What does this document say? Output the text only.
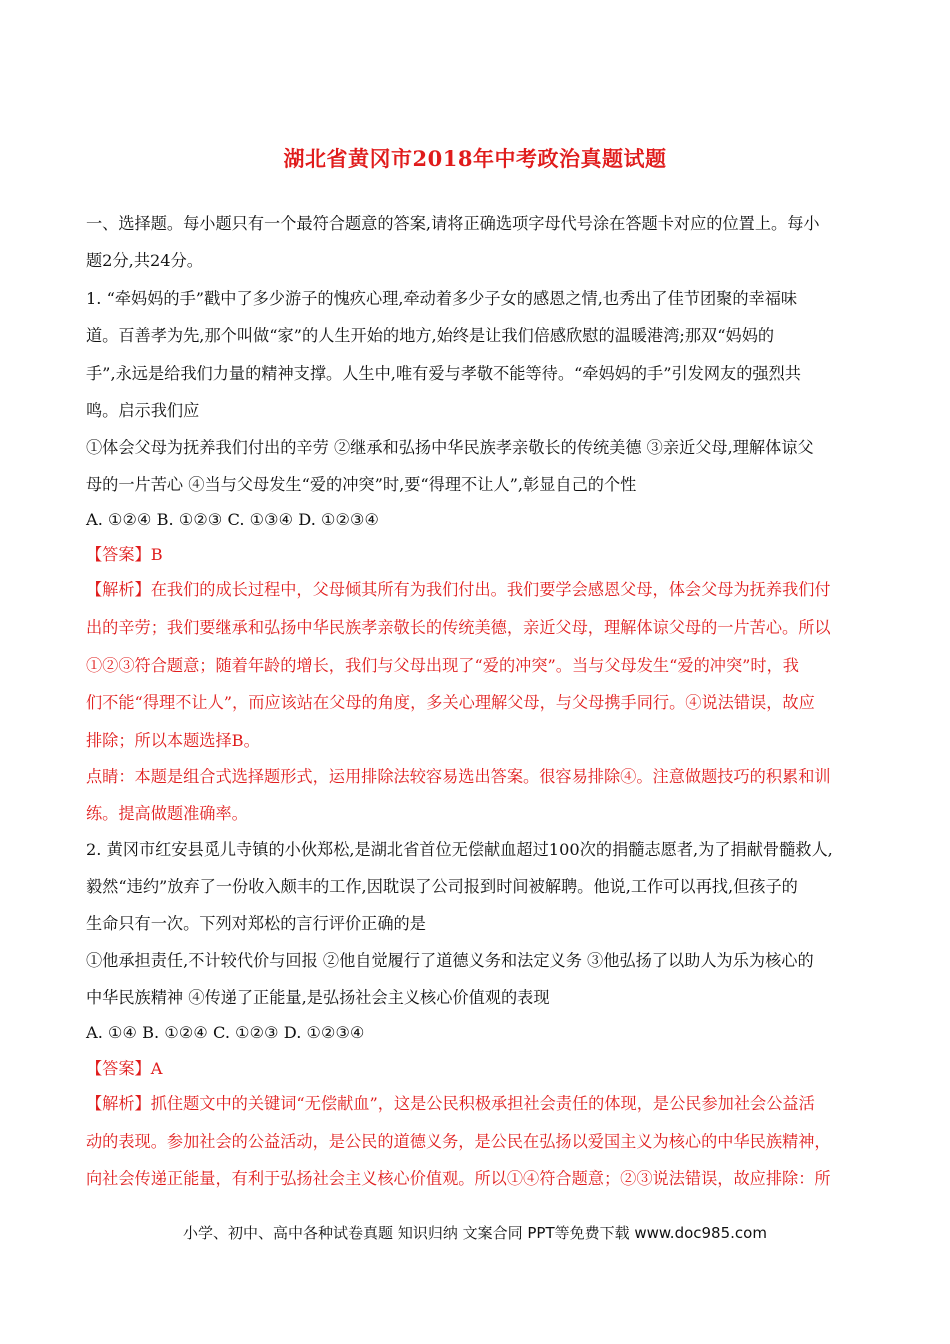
湖北省黄冈市2018年中考政治真题试题
一、选择题。每小题只有一个最符合题意的答案,请将正确选项字母代号涂在答题卡对应的位置上。每小
题2分,共24分。
1. “牵妈妈的手”戳中了多少游子的愧疚心理,牵动着多少子女的感恩之情,也秀出了佳节团聚的幸福味
道。百善孝为先,那个叫做“家”的人生开始的地方,始终是让我们倍感欣慰的温暖港湾;那双“妈妈的
手”,永远是给我们力量的精神支撑。人生中,唯有爱与孝敬不能等待。“牵妈妈的手”引发网友的强烈共
鸣。启示我们应
①体会父母为抚养我们付出的辛劳 ②继承和弘扬中华民族孝亲敬长的传统美德 ③亲近父母,理解体谅父
母的一片苦心 ④当与父母发生“爱的冲突”时,要“得理不让人”,彰显自己的个性
A. ①②④ B. ①②③ C. ①③④ D. ①②③④
【答案】B
【解析】在我们的成长过程中，父母倾其所有为我们付出。我们要学会感恩父母，体会父母为抚养我们付
出的辛劳；我们要继承和弘扬中华民族孝亲敬长的传统美德，亲近父母，理解体谅父母的一片苦心。所以
①②③符合题意；随着年龄的增长，我们与父母出现了“爱的冲突”。当与父母发生“爱的冲突”时，我
们不能“得理不让人”，而应该站在父母的角度，多关心理解父母，与父母携手同行。④说法错误，故应
排除；所以本题选择B。
点睛：本题是组合式选择题形式，运用排除法较容易选出答案。很容易排除④。注意做题技巧的积累和训
练。提高做题准确率。
2. 黄冈市红安县觅儿寺镇的小伙郑松,是湖北省首位无偿献血超过100次的捐髓志愿者,为了捐献骨髓救人,
毅然“违约”放弃了一份收入颇丰的工作,因耽误了公司报到时间被解聘。他说,工作可以再找,但孩子的
生命只有一次。下列对郑松的言行评价正确的是
①他承担责任,不计较代价与回报 ②他自觉履行了道德义务和法定义务 ③他弘扬了以助人为乐为核心的
中华民族精神 ④传递了正能量,是弘扬社会主义核心价值观的表现
A. ①④ B. ①②④ C. ①②③ D. ①②③④
【答案】A
【解析】抓住题文中的关键词“无偿献血”，这是公民积极承担社会责任的体现，是公民参加社会公益活
动的表现。参加社会的公益活动，是公民的道德义务，是公民在弘扬以爱国主义为核心的中华民族精神，
向社会传递正能量，有利于弘扬社会主义核心价值观。所以①④符合题意；②③说法错误，故应排除：所
小学、初中、高中各种试卷真题 知识归纳 文案合同 PPT等免费下载 www.doc985.com
